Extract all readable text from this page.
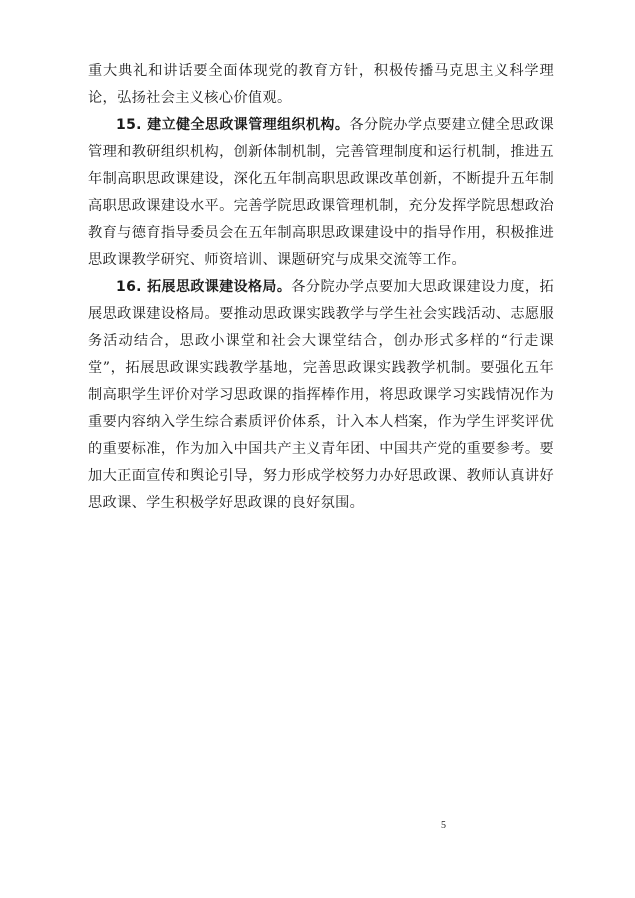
重大典礼和讲话要全面体现党的教育方针，积极传播马克思主义科学理论，弘扬社会主义核心价值观。

15. 建立健全思政课管理组织机构。各分院办学点要建立健全思政课管理和教研组织机构，创新体制机制，完善管理制度和运行机制，推进五年制高职思政课建设，深化五年制高职思政课改革创新，不断提升五年制高职思政课建设水平。完善学院思政课管理机制，充分发挥学院思想政治教育与德育指导委员会在五年制高职思政课建设中的指导作用，积极推进思政课教学研究、师资培训、课题研究与成果交流等工作。

16. 拓展思政课建设格局。各分院办学点要加大思政课建设力度，拓展思政课建设格局。要推动思政课实践教学与学生社会实践活动、志愿服务活动结合，思政小课堂和社会大课堂结合，创办形式多样的“行走课堂”，拓展思政课实践教学基地，完善思政课实践教学机制。要强化五年制高职学生评价对学习思政课的指挥棒作用，将思政课学习实践情况作为重要内容纳入学生综合素质评价体系，计入本人档案，作为学生评奖评优的重要标准，作为加入中国共产主义青年团、中国共产党的重要参考。要加大正面宣传和舆论引导，努力形成学校努力办好思政课、教师认真讲好思政课、学生积极学好思政课的良好氛围。

5
